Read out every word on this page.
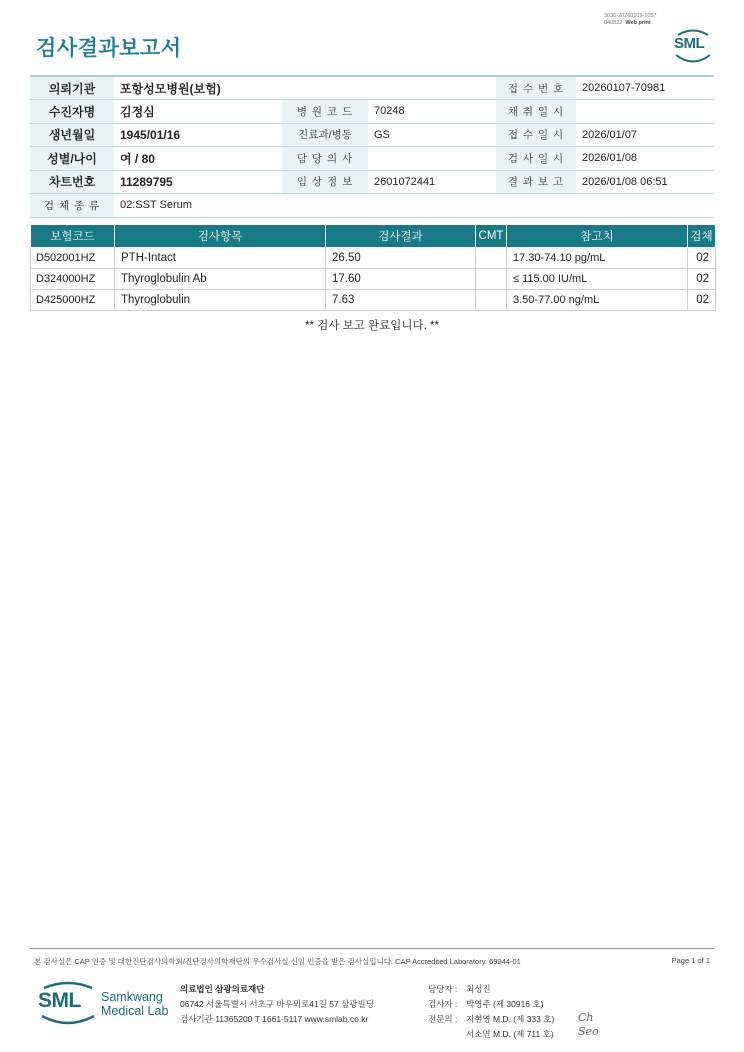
3036-20260109-1057
040822 Web print
검사결과보고서	SML
의뢰기관	포항성모병원(보험)			접 수 번 호	20260107-70981
수진자명	김정심	병 원 코 드	70248	채 취 일 시	
생년월일	1945/01/16	진료과/병동	GS	접 수 일 시	2026/01/07
성별/나이	여 / 80	담 당 의 사		검 사 일 시	2026/01/08
차트번호	11289795	임 상 정 보	2601072441	결 과 보 고	2026/01/08 06:51
검 체 종 류	02:SST Serum				
보험코드	검사항목	검사결과	CMT	참고치	검체
D502001HZ	PTH-Intact	26.50		17.30-74.10 pg/mL	02
D324000HZ	Thyroglobulin Ab	17.60		≤ 115.00 IU/mL	02
D425000HZ	Thyroglobulin	7.63		3.50-77.00 ng/mL	02
** 검사 보고 완료입니다. **
본 검사실은 CAP 인증 및 대한진단검사의학회/진단검사의학재단의 우수검사실 신임 인증을 받은 검사실입니다. CAP Accredited Laboratory. 69944-01	Page 1 of 1
SML Samkwang
Medical Lab
의료법인 삼광의료재단
06742 서울특별시 서초구 바우뫼로41길 57 삼광빌딩
검사기관 11365200 T 1661-5117 www.smlab.co.kr
담당자 :	최성진
검사자 :	박영주 (제 30916 호)
전문의 :	지현영 M.D. (제 333 호)
서소연 M.D. (제 711 호)
Ch
Seo
